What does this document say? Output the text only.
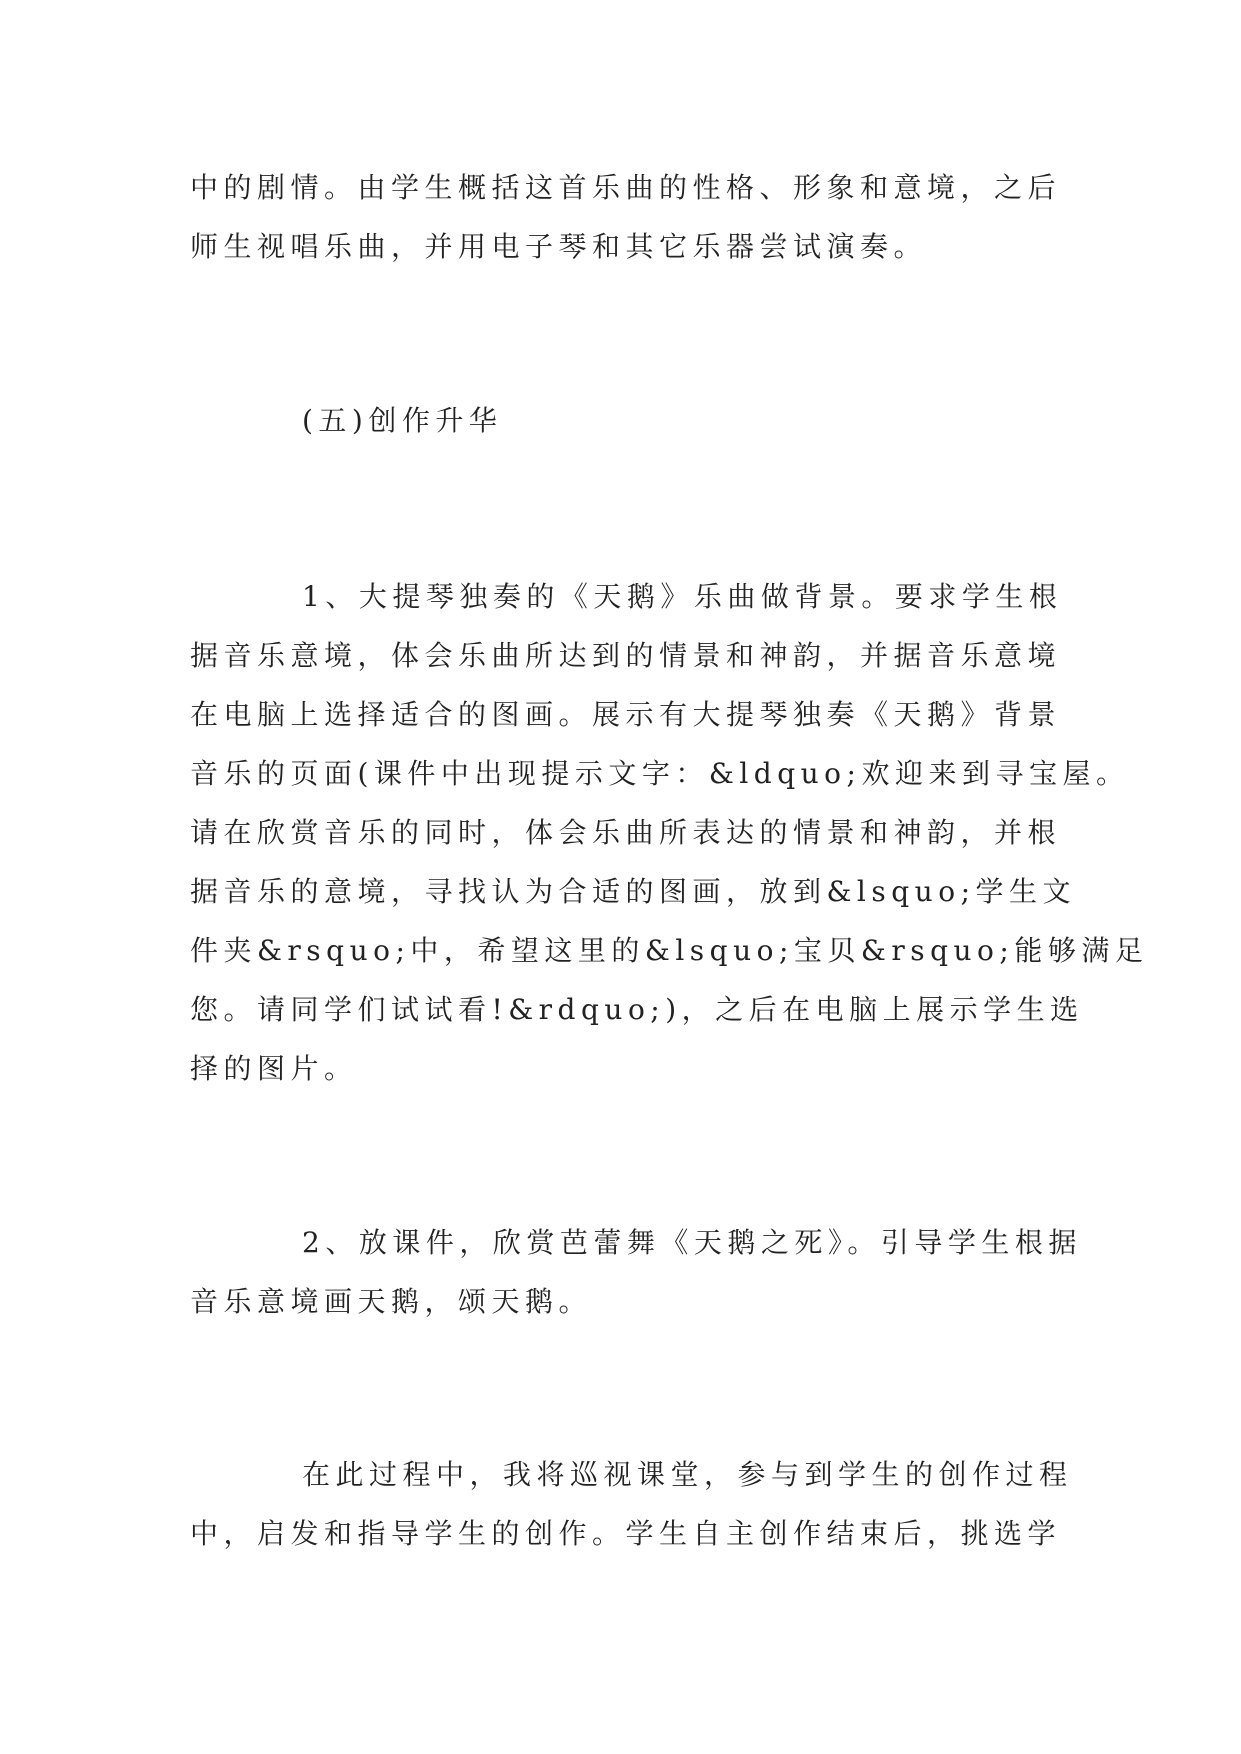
中的剧情。由学生概括这首乐曲的性格、形象和意境，之后
师生视唱乐曲，并用电子琴和其它乐器尝试演奏。
(五)创作升华
1、大提琴独奏的《天鹅》乐曲做背景。要求学生根
据音乐意境，体会乐曲所达到的情景和神韵，并据音乐意境
在电脑上选择适合的图画。展示有大提琴独奏《天鹅》背景
音乐的页面(课件中出现提示文字：&ldquo;欢迎来到寻宝屋。
请在欣赏音乐的同时，体会乐曲所表达的情景和神韵，并根
据音乐的意境，寻找认为合适的图画，放到&lsquo;学生文
件夹&rsquo;中，希望这里的&lsquo;宝贝&rsquo;能够满足
您。请同学们试试看!&rdquo;)，之后在电脑上展示学生选
择的图片。
2、放课件，欣赏芭蕾舞《天鹅之死》。引导学生根据
音乐意境画天鹅，颂天鹅。
在此过程中，我将巡视课堂，参与到学生的创作过程
中，启发和指导学生的创作。学生自主创作结束后，挑选学
